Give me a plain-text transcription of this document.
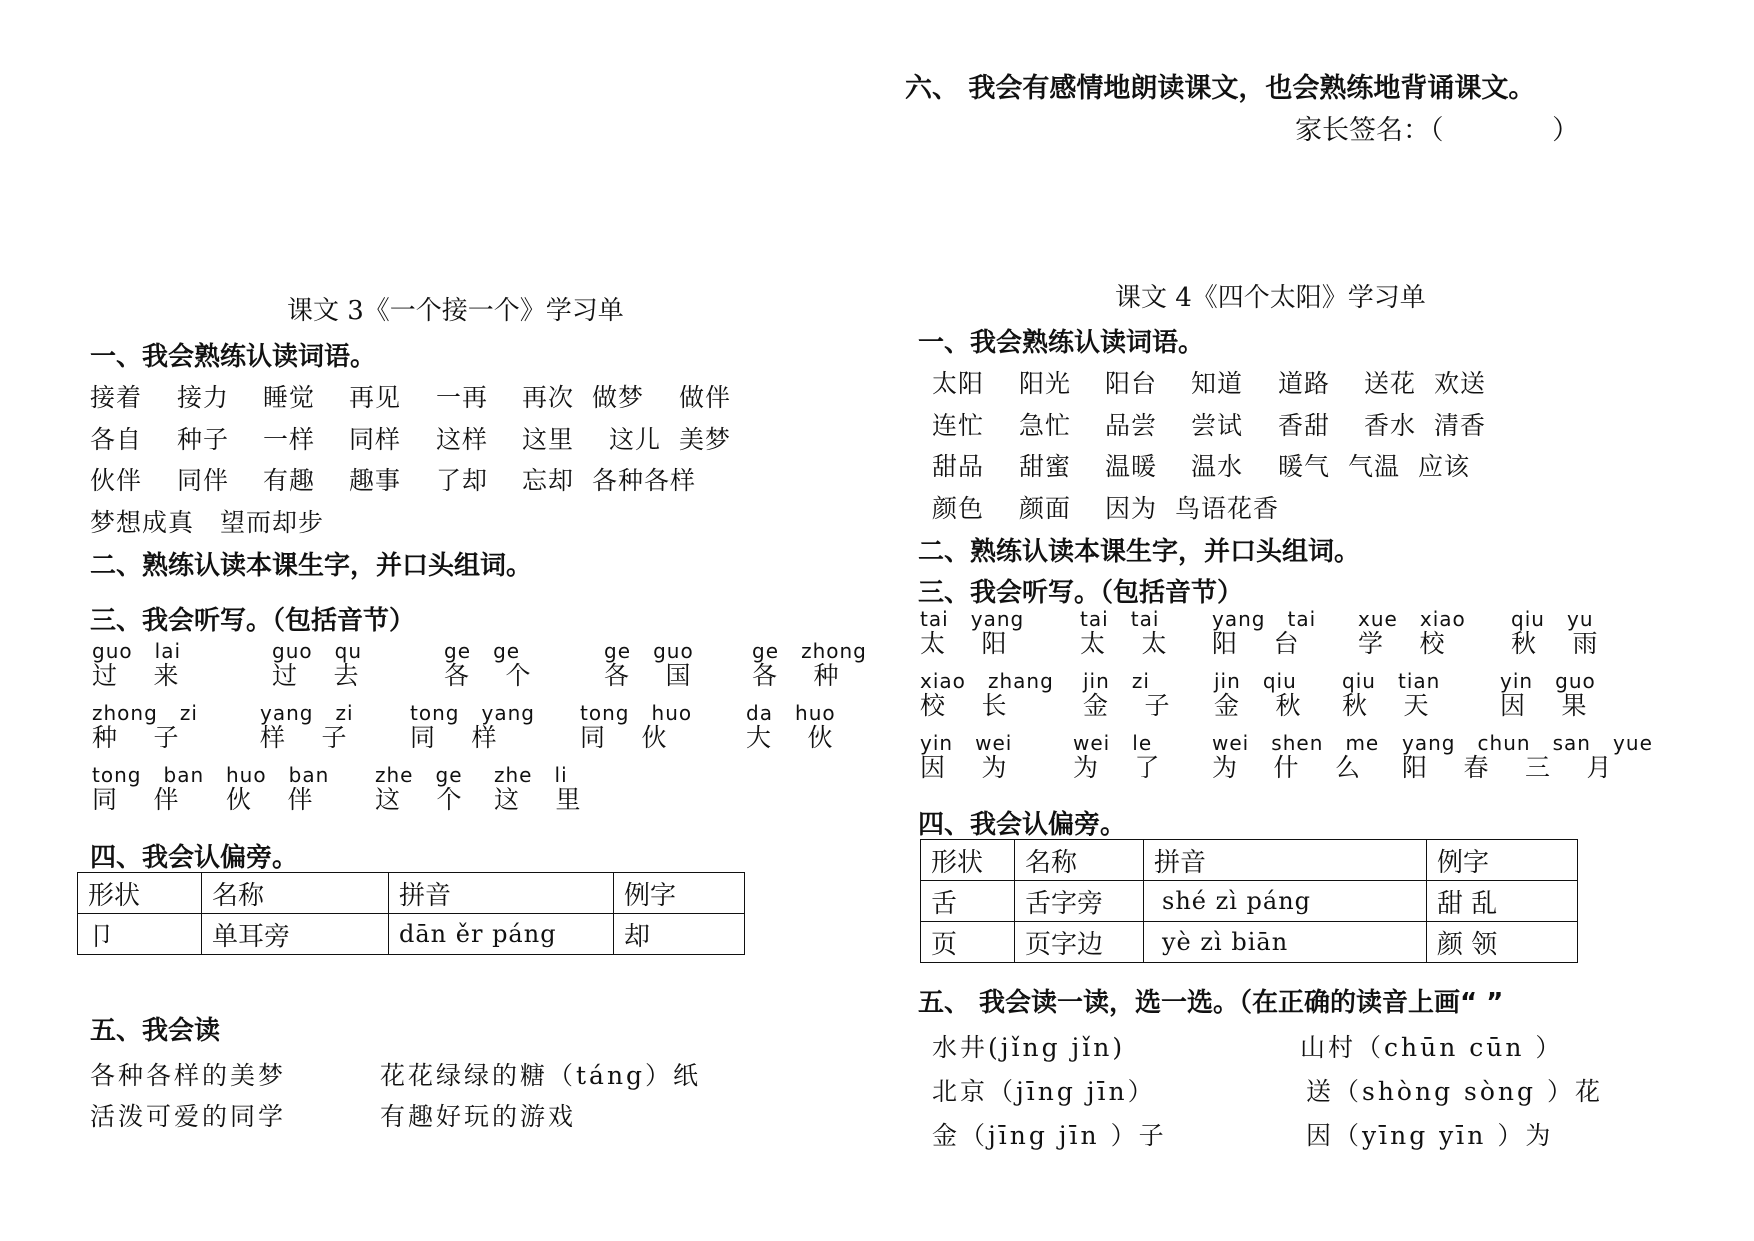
六、 我会有感情地朗读课文，也会熟练地背诵课文。
家长签名：（ ）
课文 3《一个接一个》学习单
一、我会熟练认读词语。
接着 接力 睡觉 再见 一再 再次 做梦 做伴
各自 种子 一样 同样 这样 这里 这儿 美梦
伙伴 同伴 有趣 趣事 了却 忘却 各种各样
梦想成真 望而却步
二、熟练认读本课生字，并口头组词。
三、我会听写。（包括音节）
guo   lai
过 来
guo   qu
过 去
ge   ge
各 个
ge   guo
各 国
ge   zhong
各 种
zhong   zi
种 子
yang   zi
样 子
tong   yang
同 样
tong   huo
同 伙
da   huo
大 伙
tong   ban
同 伴
huo   ban
伙 伴
zhe   ge
这 个
zhe   li
这 里
四、我会认偏旁。
形状	名称	拼音	例字
卩	单耳旁	dān ěr páng	却
五、我会读
各种各样的美梦	花花绿绿的糖（táng）纸
活泼可爱的同学	有趣好玩的游戏
课文 4《四个太阳》学习单
一、我会熟练认读词语。
太阳 阳光 阳台 知道 道路 送花 欢送
连忙 急忙 品尝 尝试 香甜 香水 清香
甜品 甜蜜 温暖 温水 暖气 气温 应该
颜色 颜面 因为 鸟语花香
二、熟练认读本课生字，并口头组词。
三、我会听写。（包括音节）
tai   yang
太 阳
tai   tai
太 太
yang   tai
阳 台
xue   xiao
学 校
qiu   yu
秋 雨
xiao   zhang
校 长
jin   zi
金 子
jin   qiu
金 秋
qiu   tian
秋 天
yin   guo
因 果
yin   wei
因 为
wei   le
为 了
wei   shen   me
为 什 么
yang   chun   san   yue
阳 春 三 月
四、我会认偏旁。
形状	名称	拼音	例字
舌	舌字旁	shé zì páng	甜 乱
页	页字边	yè zì biān	颜 领
五、 我会读一读，选一选。（在正确的读音上画“ ”
水井(jǐng jǐn)	山村（chūn cūn ）
北京（jīng jīn）	送（shòng sòng ）花
金（jīng jīn ）子	因（yīng yīn ）为
